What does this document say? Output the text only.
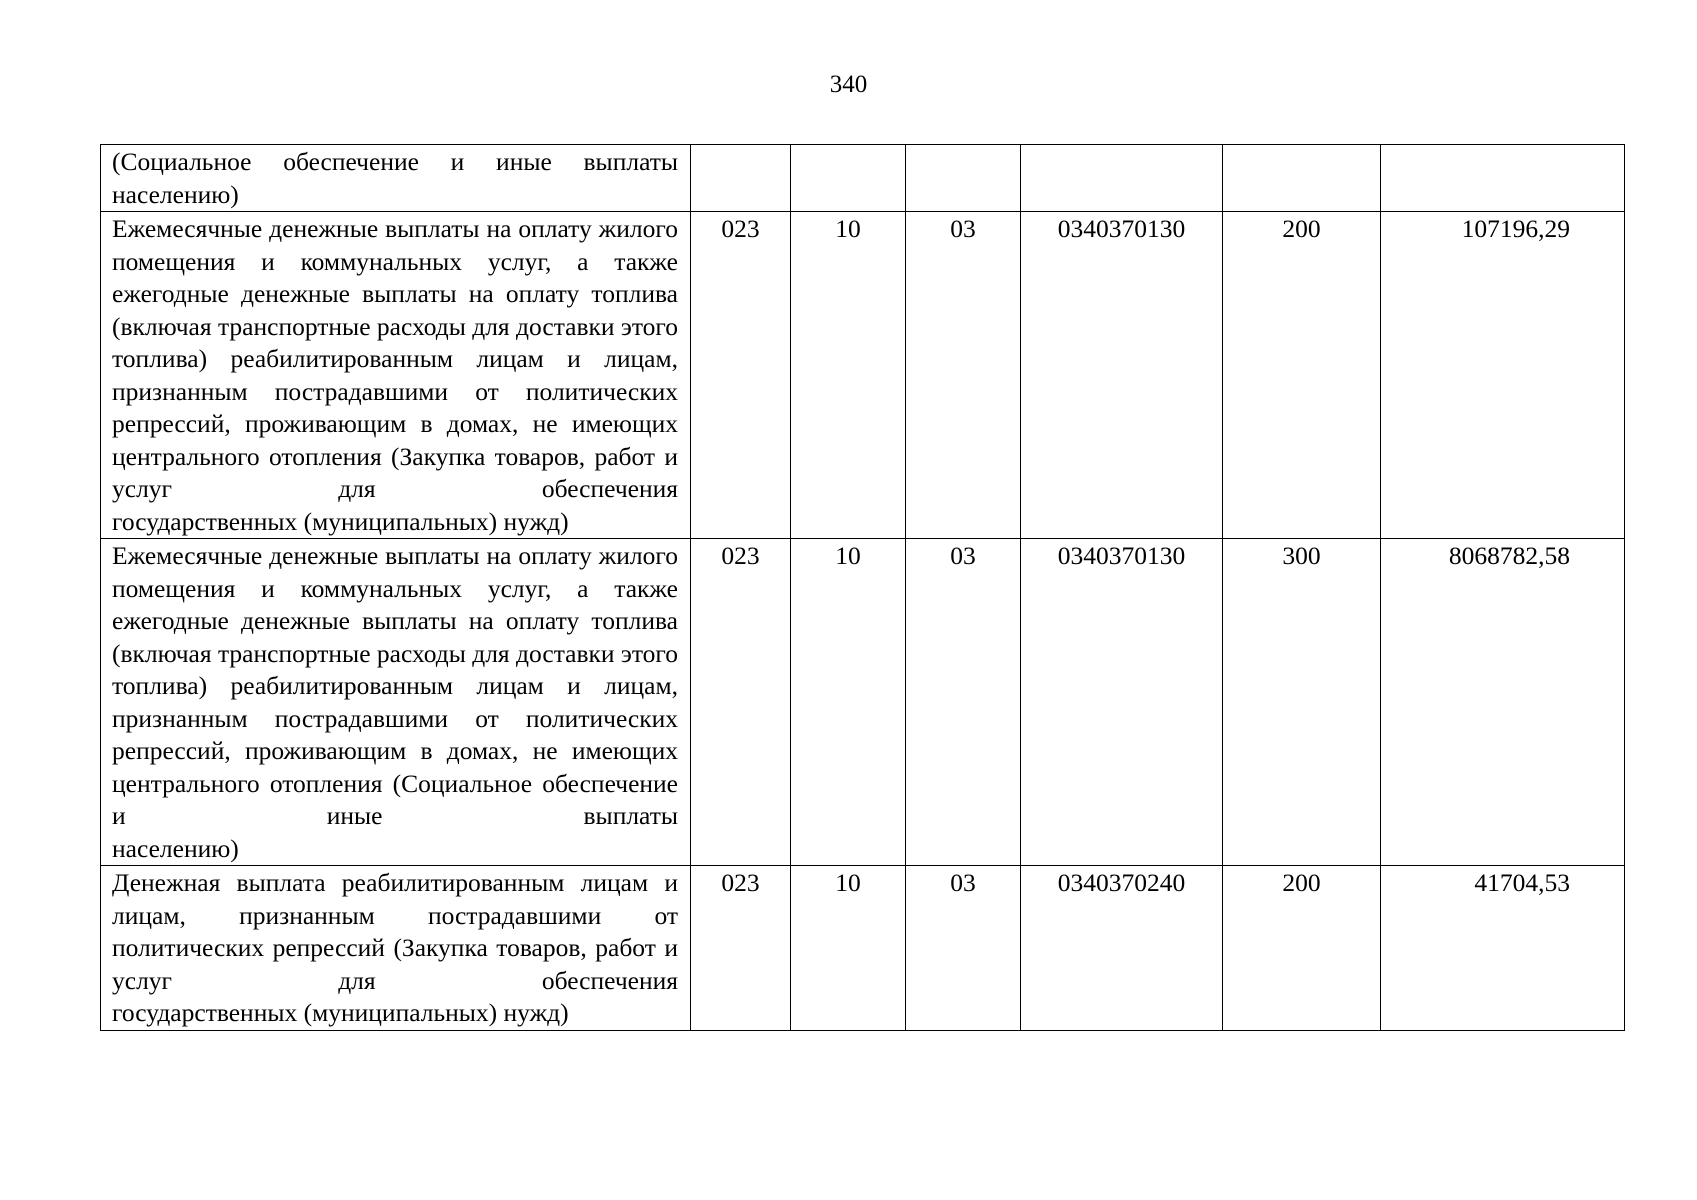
340
(Социальное обеспечение и иные выплаты
населению)						

Ежемесячные денежные выплаты на оплату жилого помещения и коммунальных услуг, а также ежегодные денежные выплаты на оплату топлива (включая транспортные расходы для доставки этого топлива) реабилитированным лицам и лицам, признанным пострадавшими от политических репрессий, проживающим в домах, не имеющих центрального отопления (Закупка товаров, работ и услуг для обеспечения
государственных (муниципальных) нужд)	023	10	03	0340370130	200	107196,29
Ежемесячные денежные выплаты на оплату жилого помещения и коммунальных услуг, а также ежегодные денежные выплаты на оплату топлива (включая транспортные расходы для доставки этого топлива) реабилитированным лицам и лицам, признанным пострадавшими от политических репрессий, проживающим в домах, не имеющих центрального отопления (Социальное обеспечение и иные выплаты
населению)	023	10	03	0340370130	300	8068782,58
Денежная выплата реабилитированным лицам и лицам, признанным пострадавшими от политических репрессий (Закупка товаров, работ и услуг для обеспечения
государственных (муниципальных) нужд)	023	10	03	0340370240	200	41704,53
